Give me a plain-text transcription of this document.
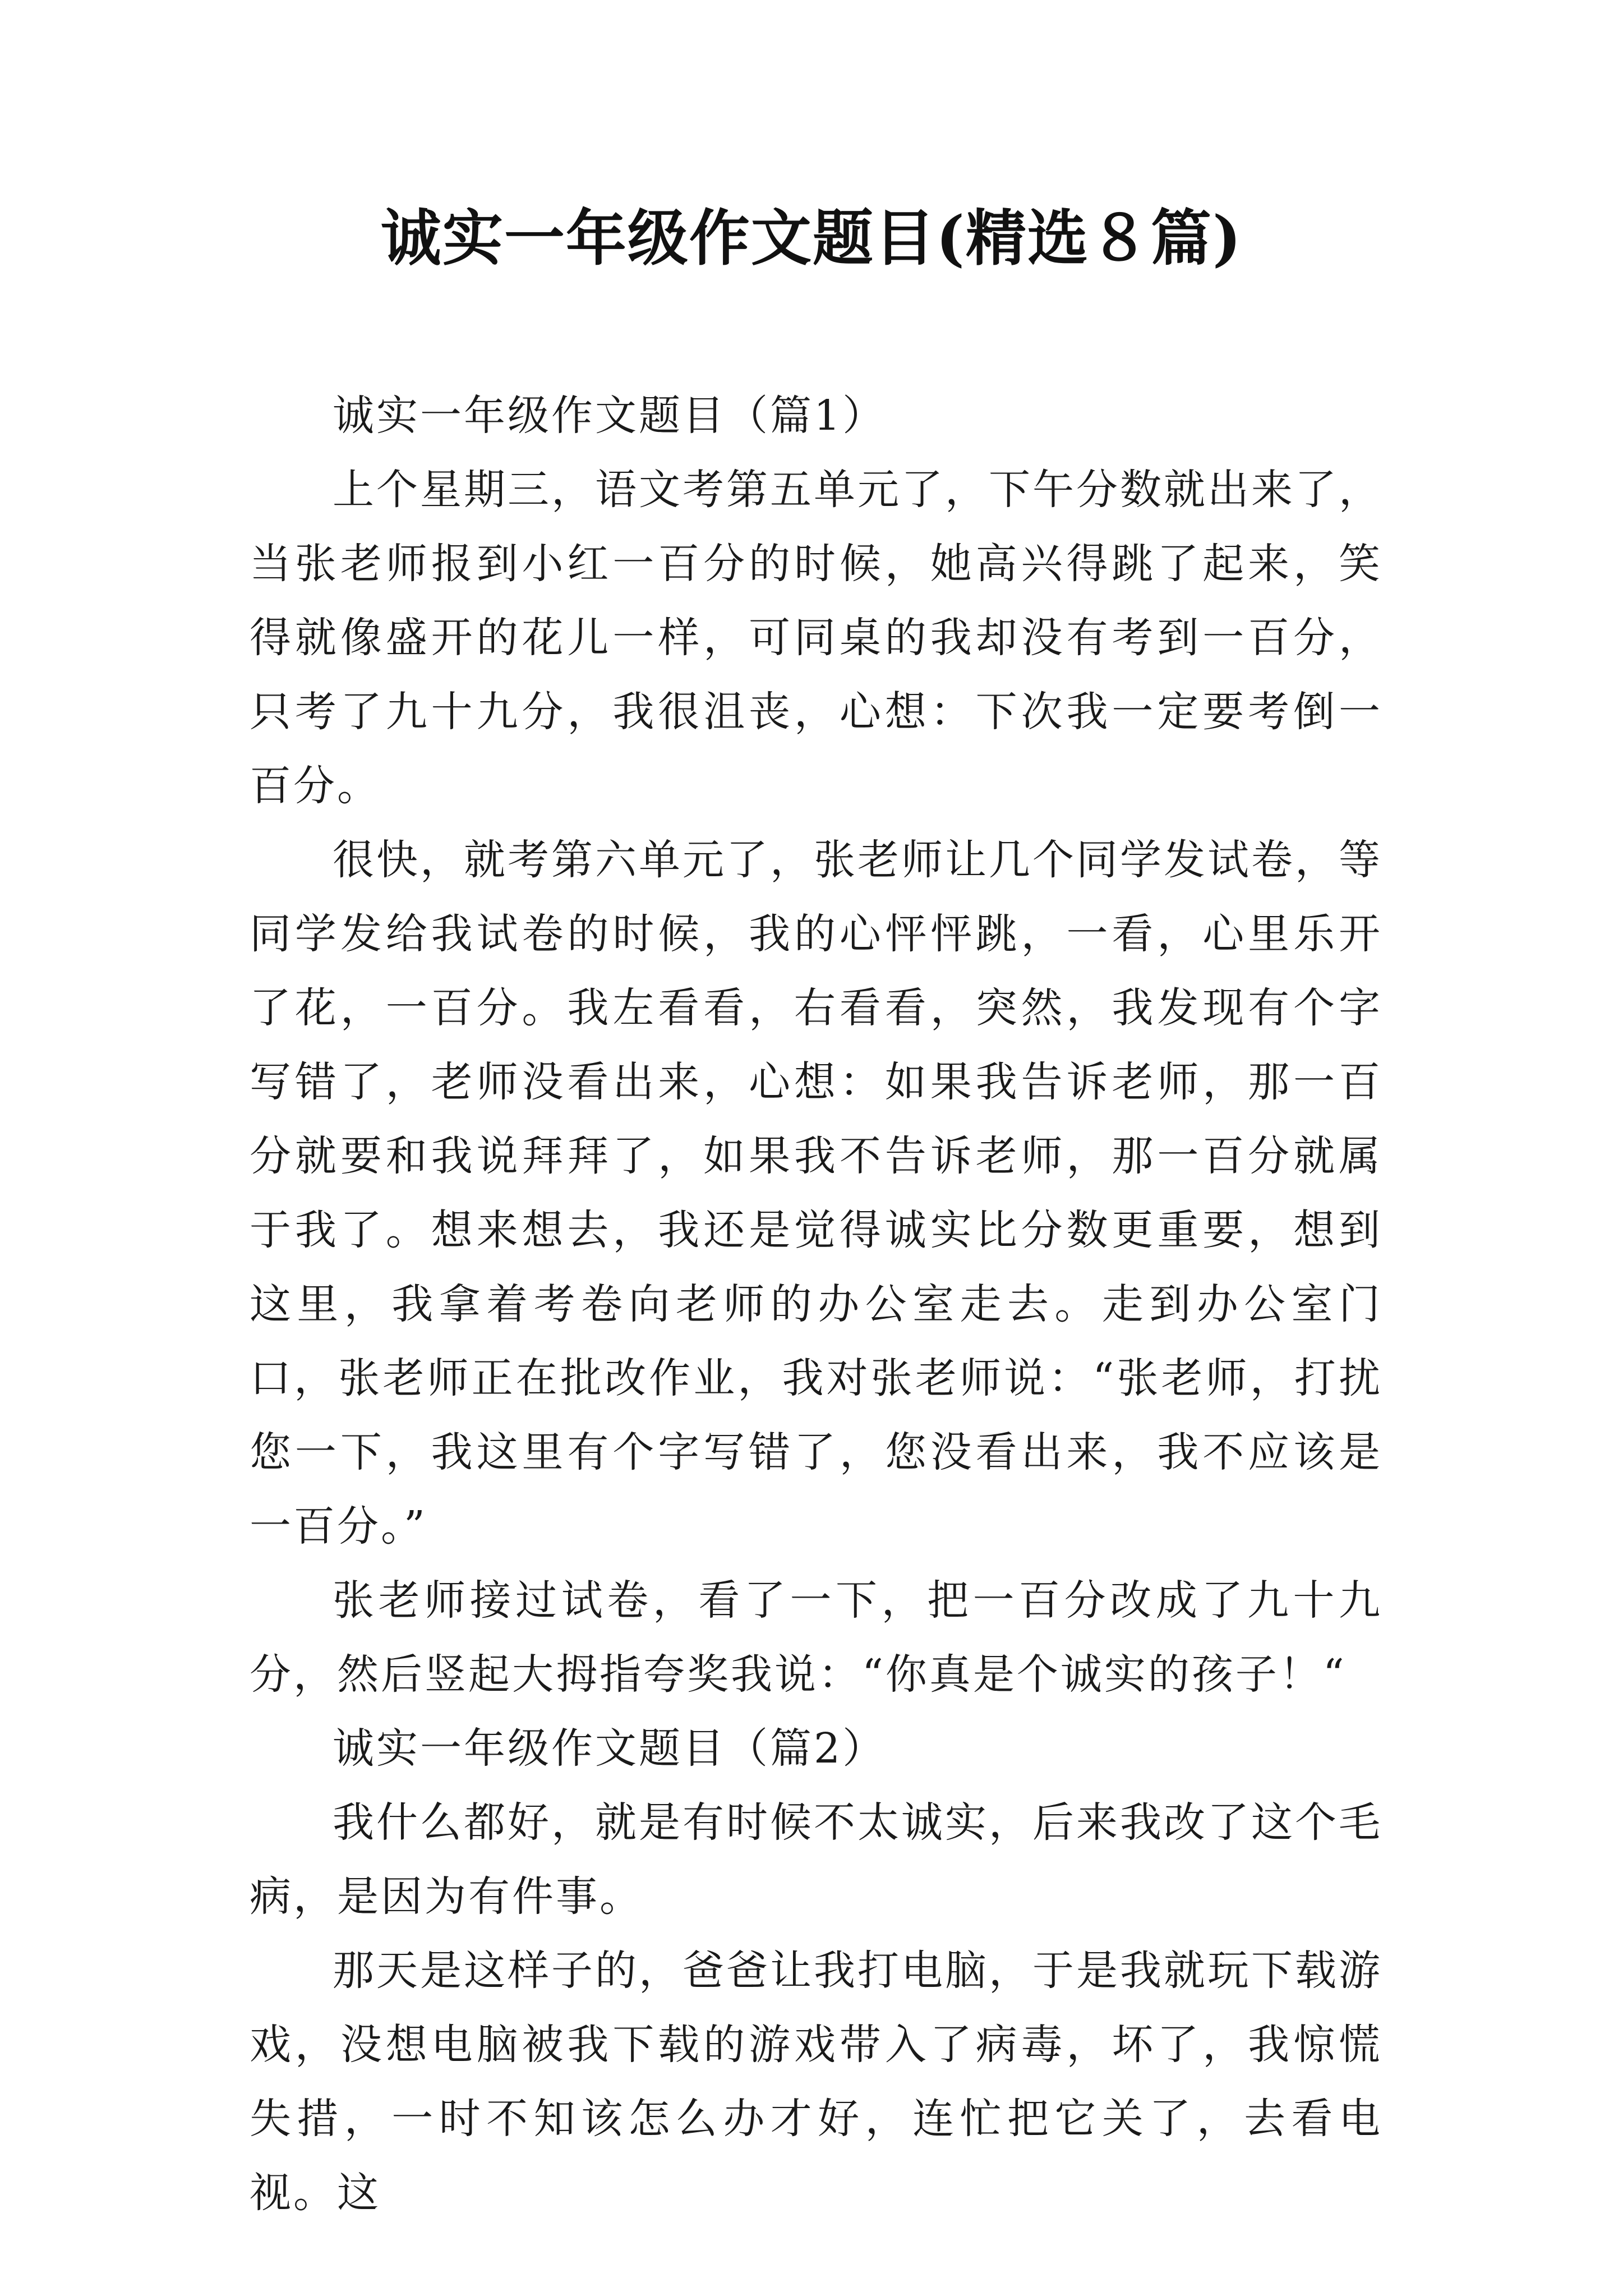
诚实一年级作文题目(精选８篇)

诚实一年级作文题目（篇1）

上个星期三，语文考第五单元了，下午分数就出来了，当张老师报到小红一百分的时候，她高兴得跳了起来，笑得就像盛开的花儿一样，可同桌的我却没有考到一百分，只考了九十九分，我很沮丧，心想：下次我一定要考倒一百分。

很快，就考第六单元了，张老师让几个同学发试卷，等同学发给我试卷的时候，我的心怦怦跳，一看，心里乐开了花，一百分。我左看看，右看看，突然，我发现有个字写错了，老师没看出来，心想：如果我告诉老师，那一百分就要和我说拜拜了，如果我不告诉老师，那一百分就属于我了。想来想去，我还是觉得诚实比分数更重要，想到这里，我拿着考卷向老师的办公室走去。走到办公室门口，张老师正在批改作业，我对张老师说：“张老师，打扰您一下，我这里有个字写错了，您没看出来，我不应该是一百分。”

张老师接过试卷，看了一下，把一百分改成了九十九分，然后竖起大拇指夸奖我说：“你真是个诚实的孩子！“

诚实一年级作文题目（篇2）

我什么都好，就是有时候不太诚实，后来我改了这个毛病，是因为有件事。

那天是这样子的，爸爸让我打电脑，于是我就玩下载游戏，没想电脑被我下载的游戏带入了病毒，坏了，我惊慌失措，一时不知该怎么办才好，连忙把它关了，去看电视。这
